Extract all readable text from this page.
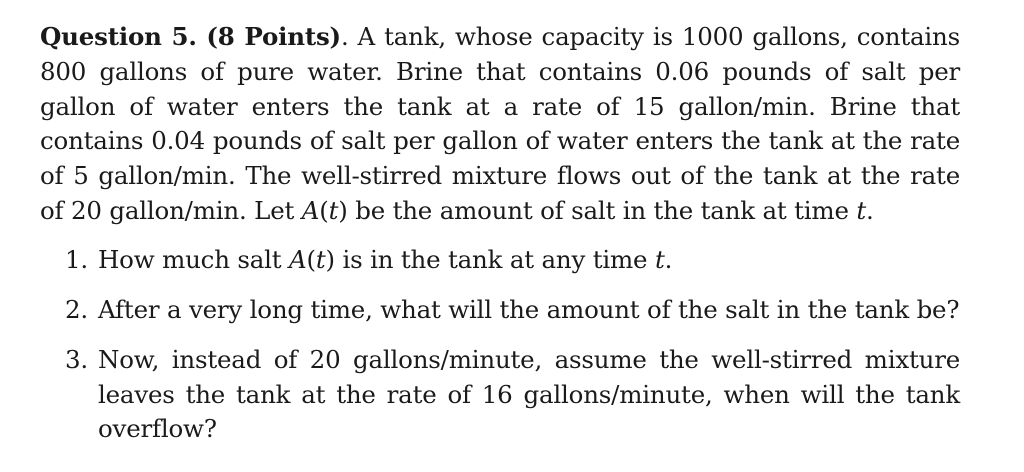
Question 5. (8 Points). A tank, whose capacity is 1000 gallons, contains 800 gallons of pure water. Brine that contains 0.06 pounds of salt per gallon of water enters the tank at a rate of 15 gallon/min. Brine that contains 0.04 pounds of salt per gallon of water enters the tank at the rate of 5 gallon/min. The well-stirred mixture flows out of the tank at the rate of 20 gallon/min. Let A(t) be the amount of salt in the tank at time t.

1. How much salt A(t) is in the tank at any time t.
2. After a very long time, what will the amount of the salt in the tank be?
3. Now, instead of 20 gallons/minute, assume the well-stirred mixture leaves the tank at the rate of 16 gallons/minute, when will the tank overflow?
